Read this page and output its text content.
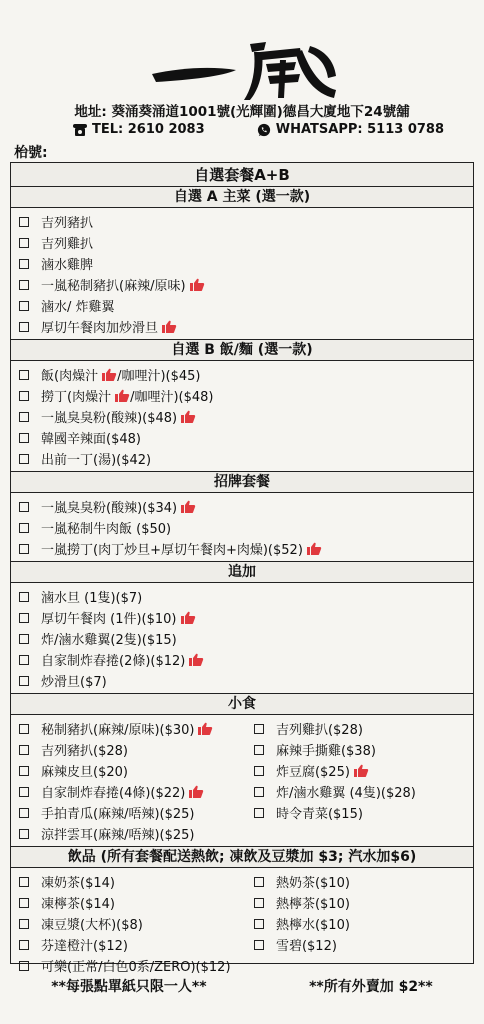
一嵐
地址: 葵涌葵涌道1001號(光輝圍)德昌大廈地下24號舖
TEL: 2610 2083	WHATSAPP: 5113 0788
枱號:
自選套餐A+B
自選 A 主菜 (選一款)
吉列豬扒
吉列雞扒
滷水雞脾
一嵐秘制豬扒(麻辣/原味)
滷水/ 炸雞翼
厚切午餐肉加炒滑旦
自選 B 飯/麵 (選一款)
飯(肉燥汁 /咖哩汁)($45)
撈丁(肉燥汁 /咖哩汁)($48)
一嵐臭臭粉(酸辣)($48)
韓國辛辣面($48)
出前一丁(湯)($42)
招牌套餐
一嵐臭臭粉(酸辣)($34)
一嵐秘制牛肉飯 ($50)
一嵐撈丁(肉丁炒旦+厚切午餐肉+肉燥)($52)
追加
滷水旦 (1隻)($7)
厚切午餐肉 (1件)($10)
炸/滷水雞翼(2隻)($15)
自家制炸春捲(2條)($12)
炒滑旦($7)
小食
秘制豬扒(麻辣/原味)($30)
吉列豬扒($28)
麻辣皮旦($20)
自家制炸春捲(4條)($22)
手拍青瓜(麻辣/唔辣)($25)
涼拌雲耳(麻辣/唔辣)($25)
吉列雞扒($28)
麻辣手撕雞($38)
炸豆腐($25)
炸/滷水雞翼 (4隻)($28)
時令青菜($15)
飲品 (所有套餐配送熱飲; 凍飲及豆漿加 $3; 汽水加$6)
凍奶茶($14)
凍檸茶($14)
凍豆漿(大杯)($8)
芬達橙汁($12)
可樂(正常/白色0系/ZERO)($12)
熱奶茶($10)
熱檸茶($10)
熱檸水($10)
雪碧($12)
**每張點單紙只限一人**	**所有外賣加 $2**
